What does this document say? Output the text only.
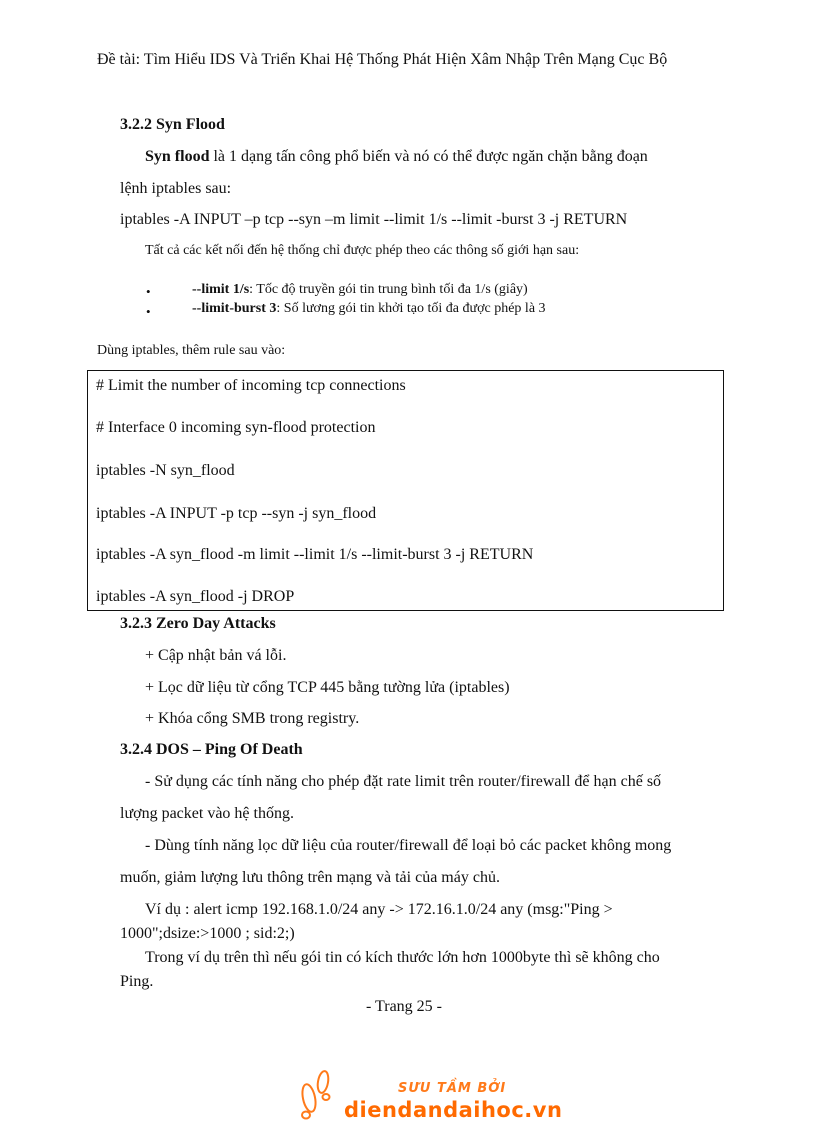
Đề tài: Tìm Hiểu IDS Và Triển Khai Hệ Thống Phát Hiện Xâm Nhập Trên Mạng Cục Bộ
3.2.2 Syn Flood
Syn flood là 1 dạng tấn công phổ biến và nó có thể được ngăn chặn bằng đoạn
lệnh iptables sau:
iptables -A INPUT –p tcp --syn –m limit --limit 1/s --limit -burst 3 -j RETURN
Tất cả các kết nối đến hệ thống chỉ được phép theo các thông số giới hạn sau:
•	--limit 1/s: Tốc độ truyền gói tin trung bình tối đa 1/s (giây)
•	--limit-burst 3: Số lương gói tin khởi tạo tối đa được phép là 3
Dùng iptables, thêm rule sau vào:
# Limit the number of incoming tcp connections
# Interface 0 incoming syn-flood protection
iptables -N syn_flood
iptables -A INPUT -p tcp --syn -j syn_flood
iptables -A syn_flood -m limit --limit 1/s --limit-burst 3 -j RETURN
iptables -A syn_flood -j DROP
3.2.3 Zero Day Attacks
+ Cập nhật bản vá lỗi.
+ Lọc dữ liệu từ cổng TCP 445 bằng tường lửa (iptables)
+ Khóa cổng SMB trong registry.
3.2.4 DOS – Ping Of Death
- Sử dụng các tính năng cho phép đặt rate limit trên router/firewall để hạn chế số
lượng packet vào hệ thống.
- Dùng tính năng lọc dữ liệu của router/firewall để loại bỏ các packet không mong
muốn, giảm lượng lưu thông trên mạng và tải của máy chủ.
Ví dụ : alert icmp 192.168.1.0/24 any -> 172.16.1.0/24 any (msg:"Ping >
1000";dsize:>1000 ; sid:2;)
Trong ví dụ trên thì nếu gói tin có kích thước lớn hơn 1000byte thì sẽ không cho
Ping.
- Trang 25 -
SƯU TẦM BỞI
diendandaihoc.vn
